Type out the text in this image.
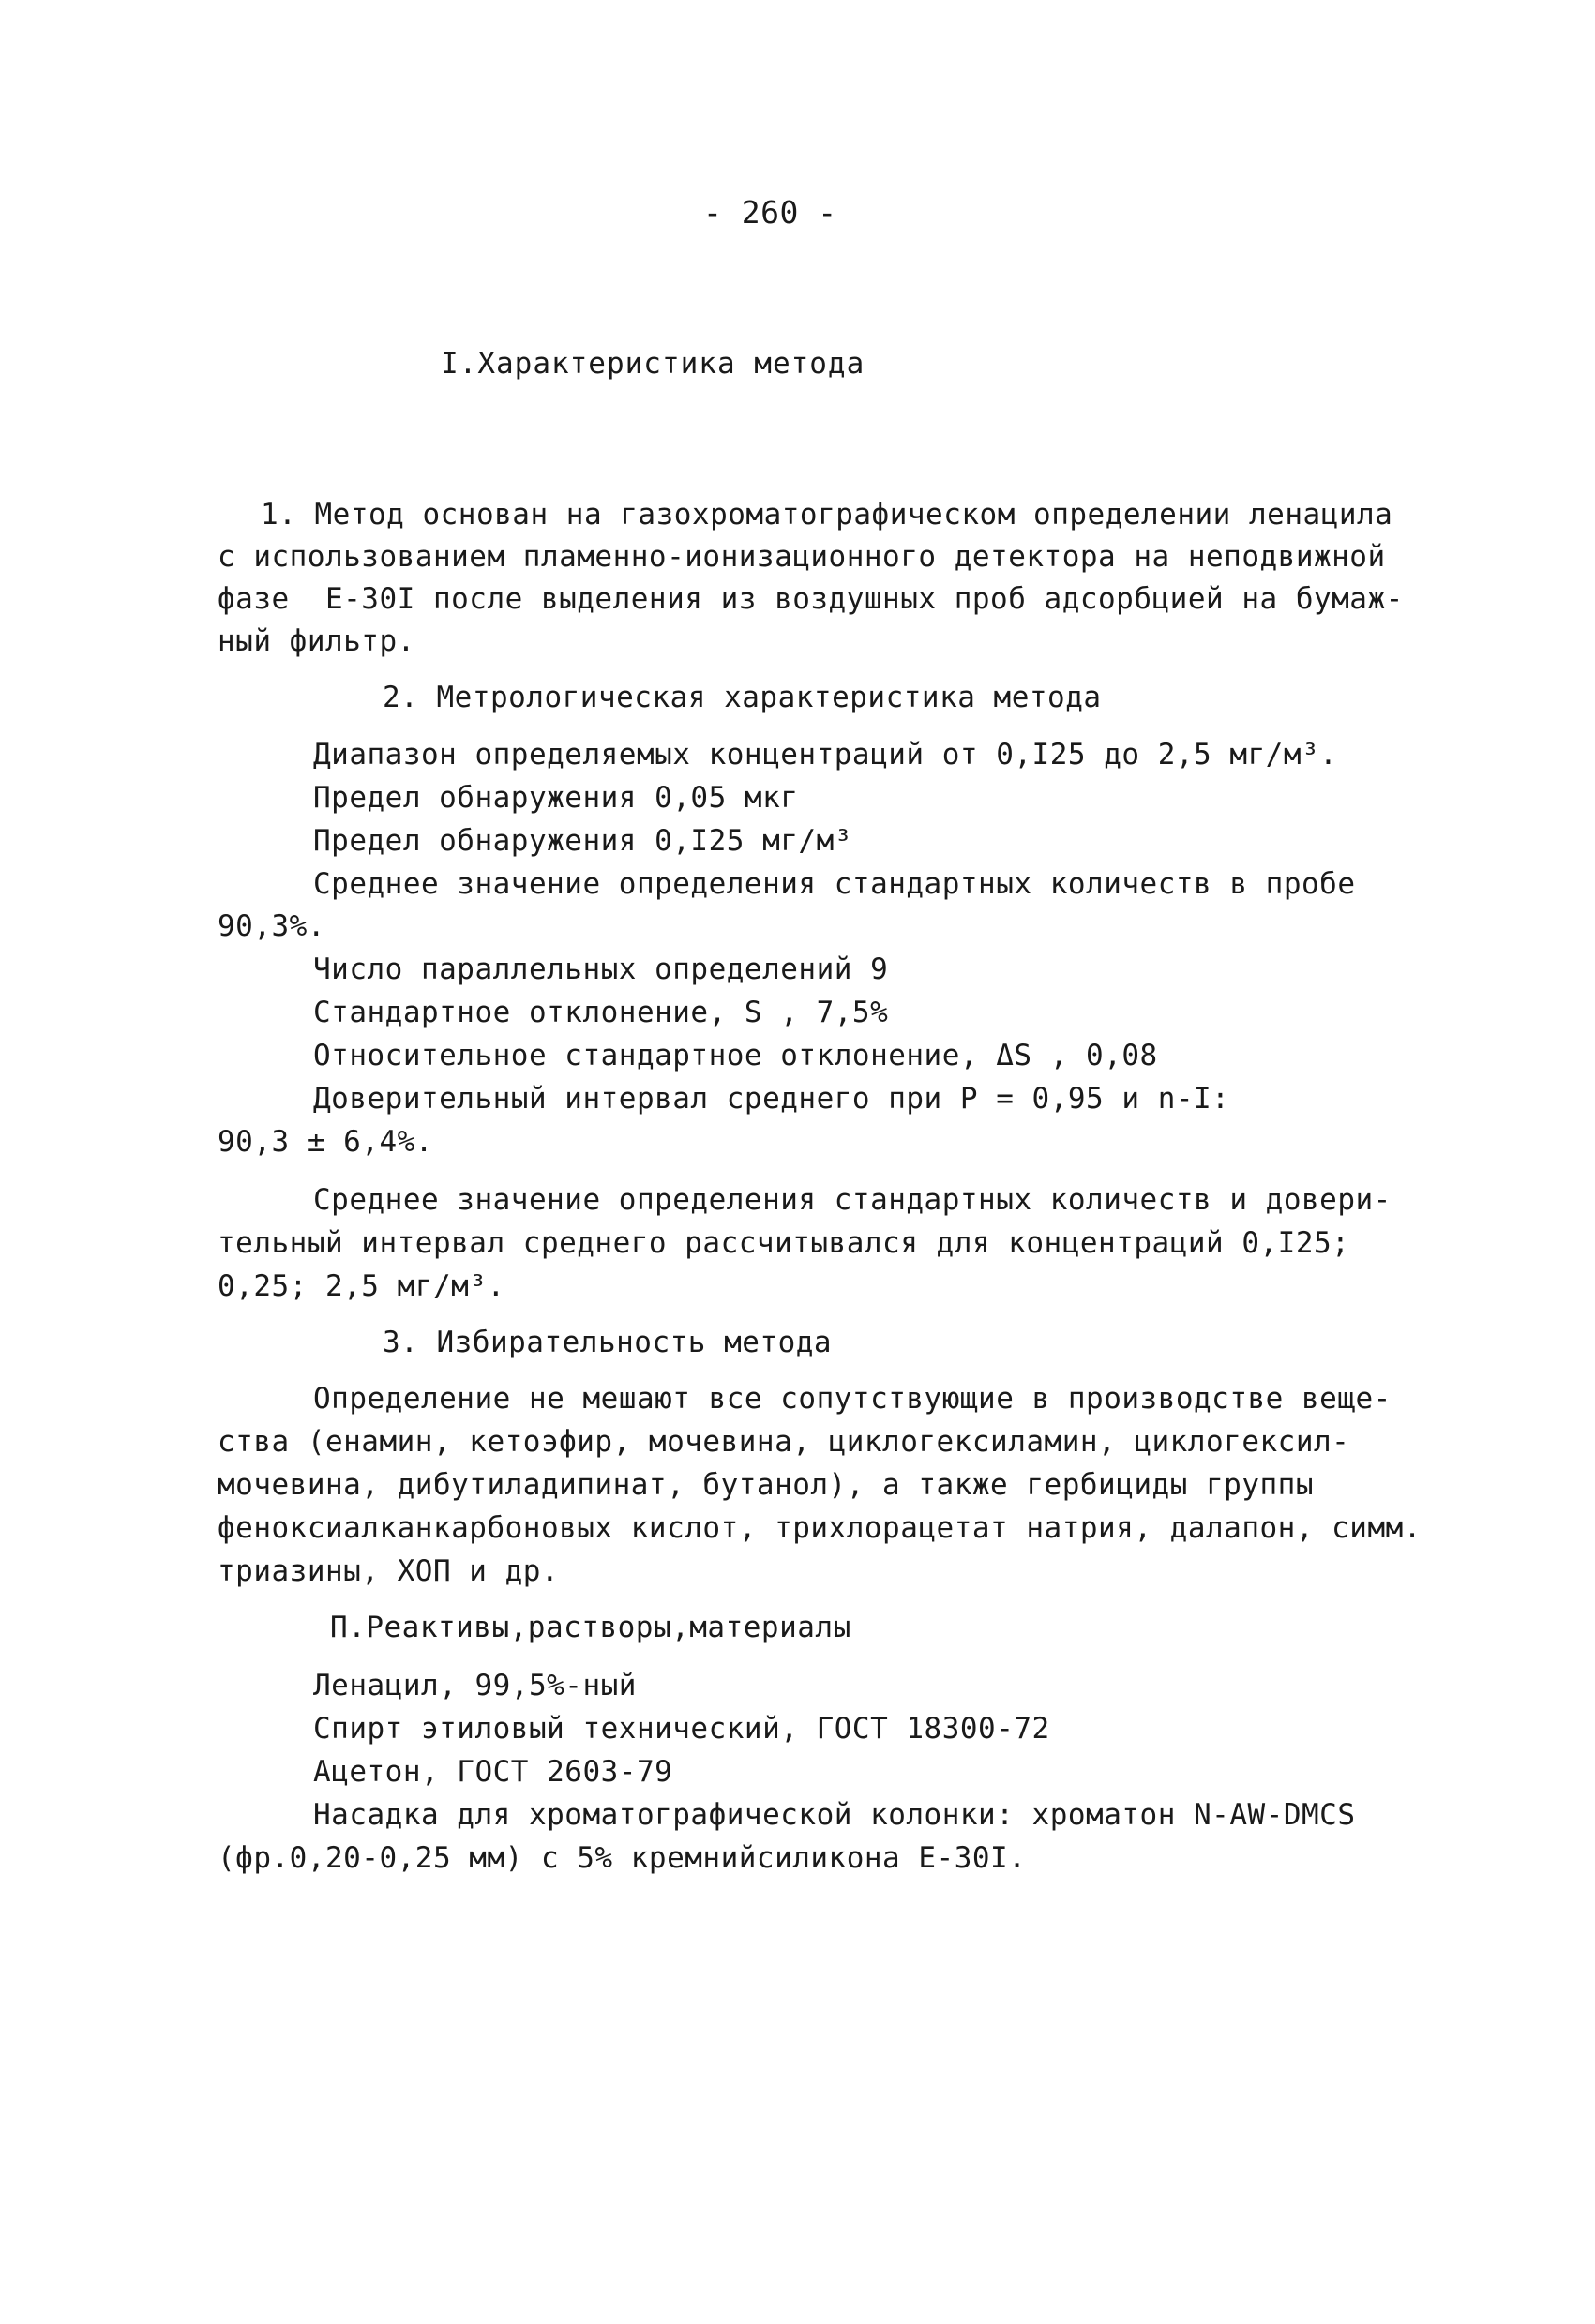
- 260 -
I.Характеристика метода
1. Метод основан на газохроматографическом определении ленацила
с использованием пламенно-ионизационного детектора на неподвижной
фазе  Е-30I после выделения из воздушных проб адсорбцией на бумаж-
ный фильтр.
2. Метрологическая характеристика метода
Диапазон определяемых концентраций от 0,I25 до 2,5 мг/м³.
Предел обнаружения 0,05 мкг
Предел обнаружения 0,I25 мг/м³
Среднее значение определения стандартных количеств в пробе
90,3%.
Число параллельных определений 9
Стандартное отклонение, S , 7,5%
Относительное стандартное отклонение, ΔS , 0,08
Доверительный интервал среднего при P = 0,95 и n-I:
90,3 ± 6,4%.
Среднее значение определения стандартных количеств и довери-
тельный интервал среднего рассчитывался для концентраций 0,I25;
0,25; 2,5 мг/м³.
3. Избирательность метода
Определение не мешают все сопутствующие в производстве веще-
ства (енамин, кетоэфир, мочевина, циклогексиламин, циклогексил-
мочевина, дибутиладипинат, бутанол), а также гербициды группы
феноксиалканкарбоновых кислот, трихлорацетат натрия, далапон, симм.
триазины, ХОП и др.
П.Реактивы,растворы,материалы
Ленацил, 99,5%-ный
Спирт этиловый технический, ГОСТ 18300-72
Ацетон, ГОСТ 2603-79
Насадка для хроматографической колонки: хроматон N-AW-DMCS
(фр.0,20-0,25 мм) с 5% кремнийсиликона Е-30I.
